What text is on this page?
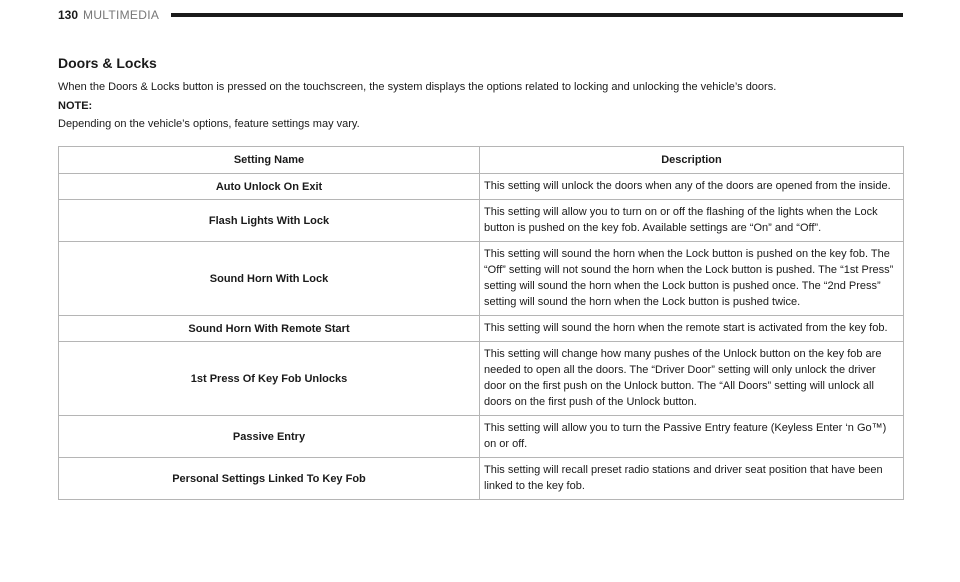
130 MULTIMEDIA
Doors & Locks

When the Doors & Locks button is pressed on the touchscreen, the system displays the options related to locking and unlocking the vehicle’s doors.

NOTE:

Depending on the vehicle’s options, feature settings may vary.

Setting Name	Description
Auto Unlock On Exit	This setting will unlock the doors when any of the doors are opened from the inside.
Flash Lights With Lock	This setting will allow you to turn on or off the flashing of the lights when the Lock button is pushed on the key fob. Available settings are “On” and “Off”.
Sound Horn With Lock	This setting will sound the horn when the Lock button is pushed on the key fob. The “Off” setting will not sound the horn when the Lock button is pushed. The “1st Press” setting will sound the horn when the Lock button is pushed once. The “2nd Press” setting will sound the horn when the Lock button is pushed twice.
Sound Horn With Remote Start	This setting will sound the horn when the remote start is activated from the key fob.
1st Press Of Key Fob Unlocks	This setting will change how many pushes of the Unlock button on the key fob are needed to open all the doors. The “Driver Door” setting will only unlock the driver door on the first push on the Unlock button. The “All Doors” setting will unlock all doors on the first push of the Unlock button.
Passive Entry	This setting will allow you to turn the Passive Entry feature (Keyless Enter ‘n Go™) on or off.
Personal Settings Linked To Key Fob	This setting will recall preset radio stations and driver seat position that have been linked to the key fob.
